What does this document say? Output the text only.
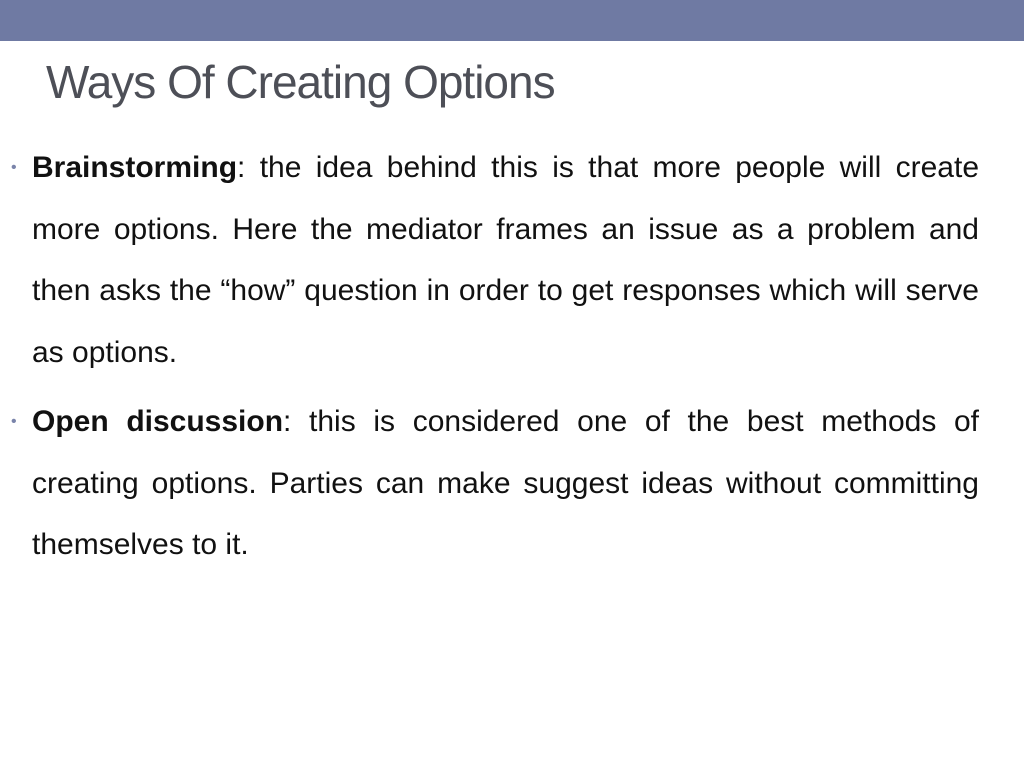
Ways Of Creating Options

• Brainstorming: the idea behind this is that more people will create more options. Here the mediator frames an issue as a problem and then asks the “how” question in order to get responses which will serve as options.

• Open discussion: this is considered one of the best methods of creating options. Parties can make suggest ideas without committing themselves to it.
